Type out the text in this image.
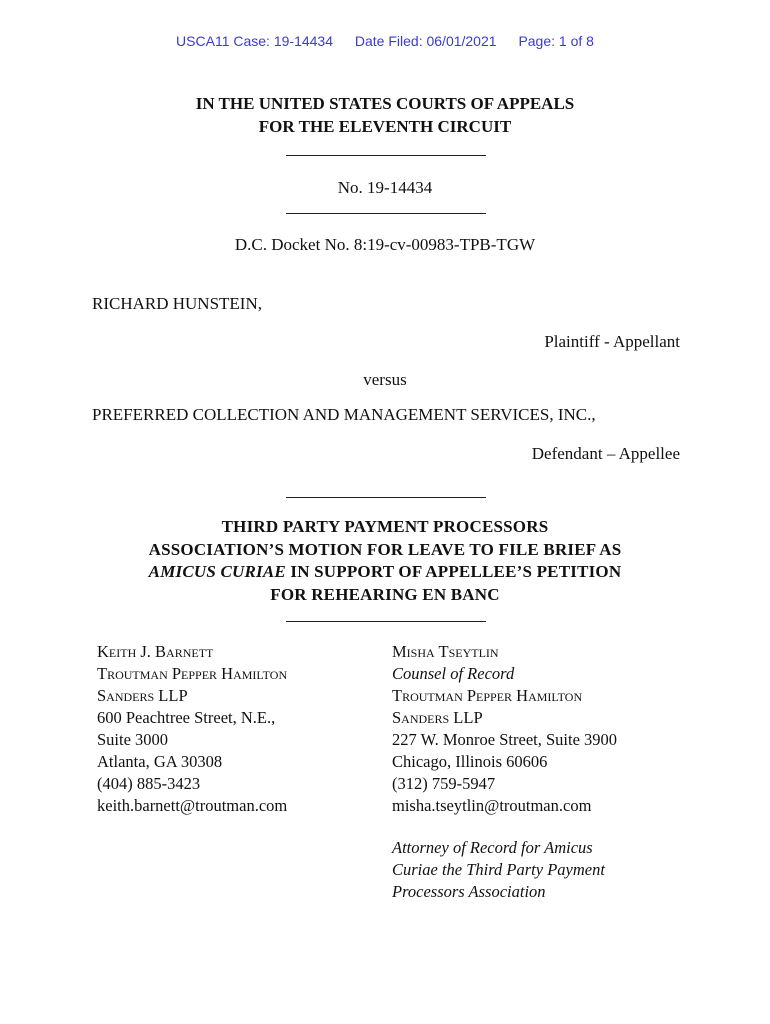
USCA11 Case: 19-14434 Date Filed: 06/01/2021 Page: 1 of 8
IN THE UNITED STATES COURTS OF APPEALS
FOR THE ELEVENTH CIRCUIT
No. 19-14434
D.C. Docket No. 8:19-cv-00983-TPB-TGW
RICHARD HUNSTEIN,
Plaintiff - Appellant
versus
PREFERRED COLLECTION AND MANAGEMENT SERVICES, INC.,
Defendant – Appellee
THIRD PARTY PAYMENT PROCESSORS
ASSOCIATION’S MOTION FOR LEAVE TO FILE BRIEF AS
AMICUS CURIAE IN SUPPORT OF APPELLEE’S PETITION
FOR REHEARING EN BANC
Keith J. Barnett
Troutman Pepper Hamilton
Sanders LLP
600 Peachtree Street, N.E.,
Suite 3000
Atlanta, GA 30308
(404) 885-3423
keith.barnett@troutman.com
Misha Tseytlin
Counsel of Record
Troutman Pepper Hamilton
Sanders LLP
227 W. Monroe Street, Suite 3900
Chicago, Illinois 60606
(312) 759-5947
misha.tseytlin@troutman.com
Attorney of Record for Amicus
Curiae the Third Party Payment
Processors Association
